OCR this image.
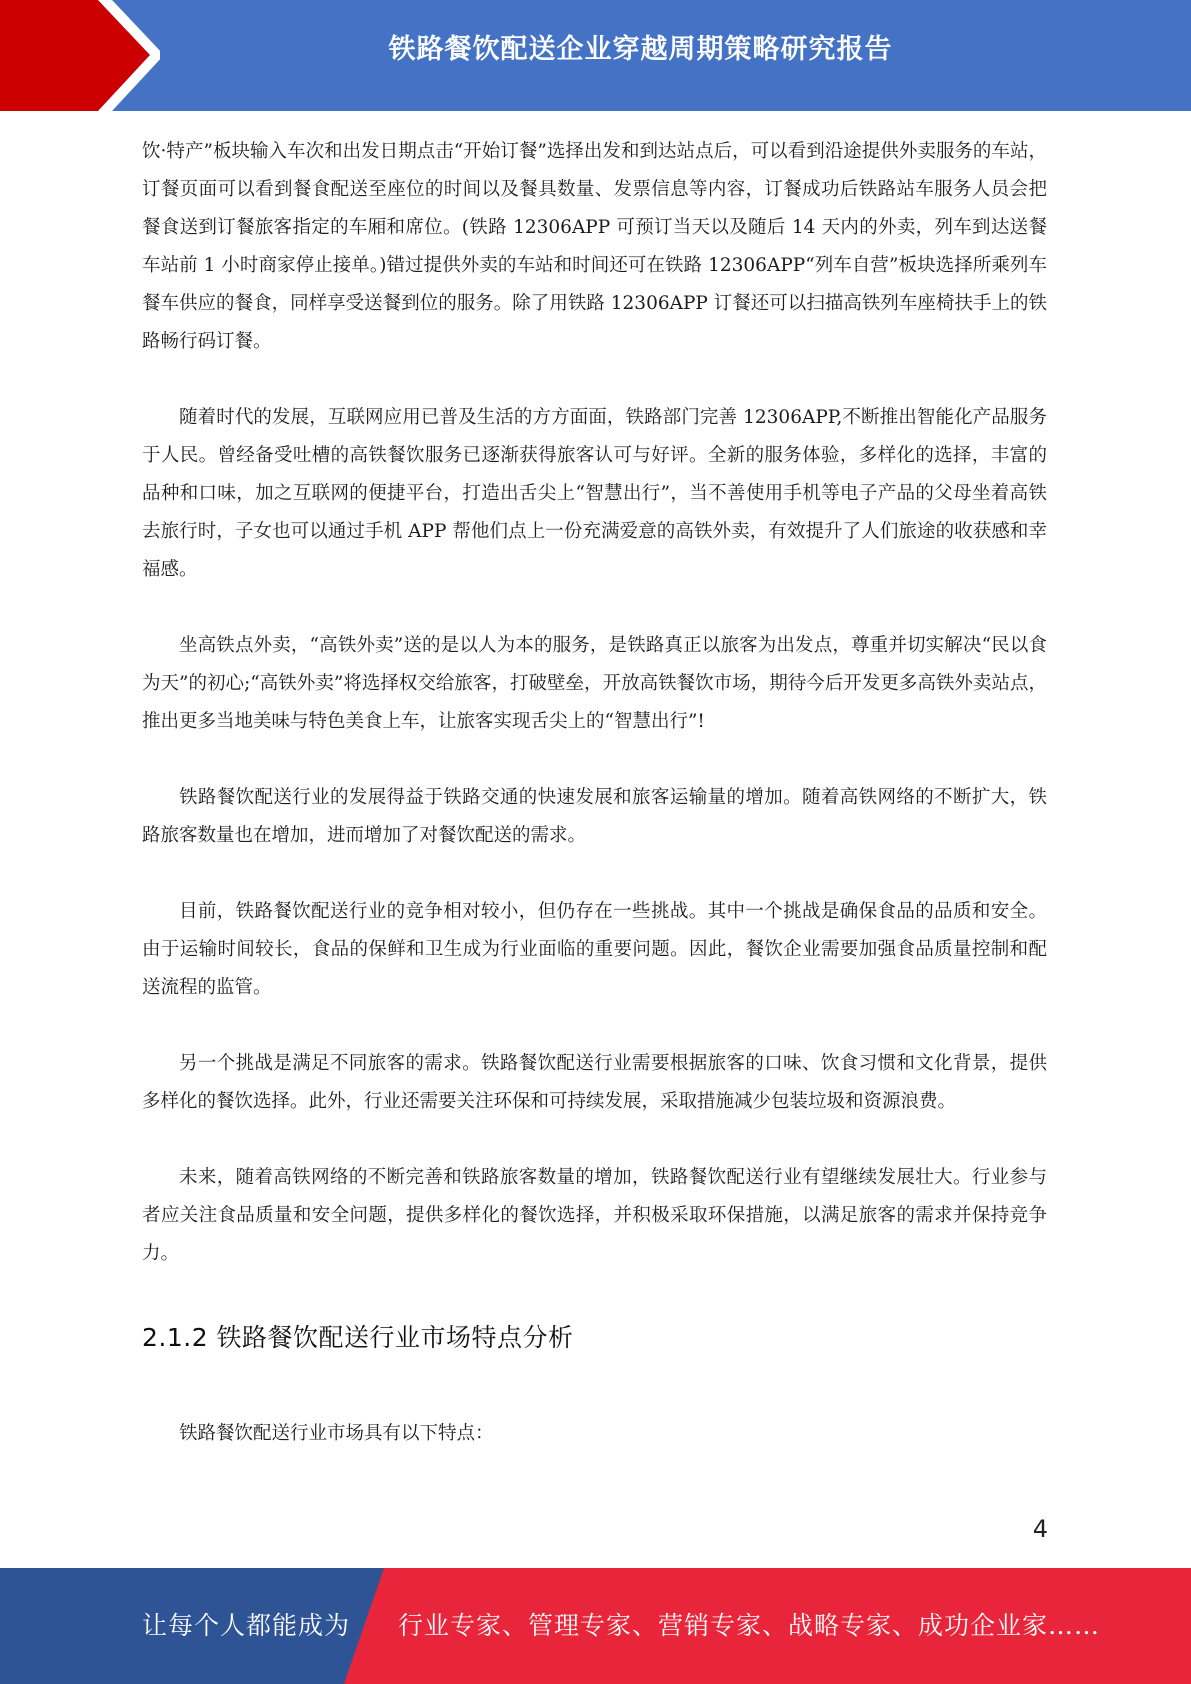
铁路餐饮配送企业穿越周期策略研究报告

饮·特产”板块输入车次和出发日期点击“开始订餐”选择出发和到达站点后，可以看到沿途提供外卖服务的车站，订餐页面可以看到餐食配送至座位的时间以及餐具数量、发票信息等内容，订餐成功后铁路站车服务人员会把餐食送到订餐旅客指定的车厢和席位。(铁路 12306APP 可预订当天以及随后 14 天内的外卖，列车到达送餐车站前 1 小时商家停止接单。)错过提供外卖的车站和时间还可在铁路 12306APP“列车自营”板块选择所乘列车餐车供应的餐食，同样享受送餐到位的服务。除了用铁路 12306APP 订餐还可以扫描高铁列车座椅扶手上的铁路畅行码订餐。

随着时代的发展，互联网应用已普及生活的方方面面，铁路部门完善 12306APP,不断推出智能化产品服务于人民。曾经备受吐槽的高铁餐饮服务已逐渐获得旅客认可与好评。全新的服务体验，多样化的选择，丰富的品种和口味，加之互联网的便捷平台，打造出舌尖上“智慧出行”，当不善使用手机等电子产品的父母坐着高铁去旅行时，子女也可以通过手机 APP 帮他们点上一份充满爱意的高铁外卖，有效提升了人们旅途的收获感和幸福感。

坐高铁点外卖，“高铁外卖”送的是以人为本的服务，是铁路真正以旅客为出发点，尊重并切实解决“民以食为天”的初心;“高铁外卖”将选择权交给旅客，打破壁垒，开放高铁餐饮市场，期待今后开发更多高铁外卖站点，推出更多当地美味与特色美食上车，让旅客实现舌尖上的“智慧出行”!

铁路餐饮配送行业的发展得益于铁路交通的快速发展和旅客运输量的增加。随着高铁网络的不断扩大，铁路旅客数量也在增加，进而增加了对餐饮配送的需求。

目前，铁路餐饮配送行业的竞争相对较小，但仍存在一些挑战。其中一个挑战是确保食品的品质和安全。由于运输时间较长，食品的保鲜和卫生成为行业面临的重要问题。因此，餐饮企业需要加强食品质量控制和配送流程的监管。

另一个挑战是满足不同旅客的需求。铁路餐饮配送行业需要根据旅客的口味、饮食习惯和文化背景，提供多样化的餐饮选择。此外，行业还需要关注环保和可持续发展，采取措施减少包装垃圾和资源浪费。

未来，随着高铁网络的不断完善和铁路旅客数量的增加，铁路餐饮配送行业有望继续发展壮大。行业参与者应关注食品质量和安全问题，提供多样化的餐饮选择，并积极采取环保措施，以满足旅客的需求并保持竞争力。

2.1.2 铁路餐饮配送行业市场特点分析

铁路餐饮配送行业市场具有以下特点：

4
让每个人都能成为 行业专家、管理专家、营销专家、战略专家、成功企业家……
